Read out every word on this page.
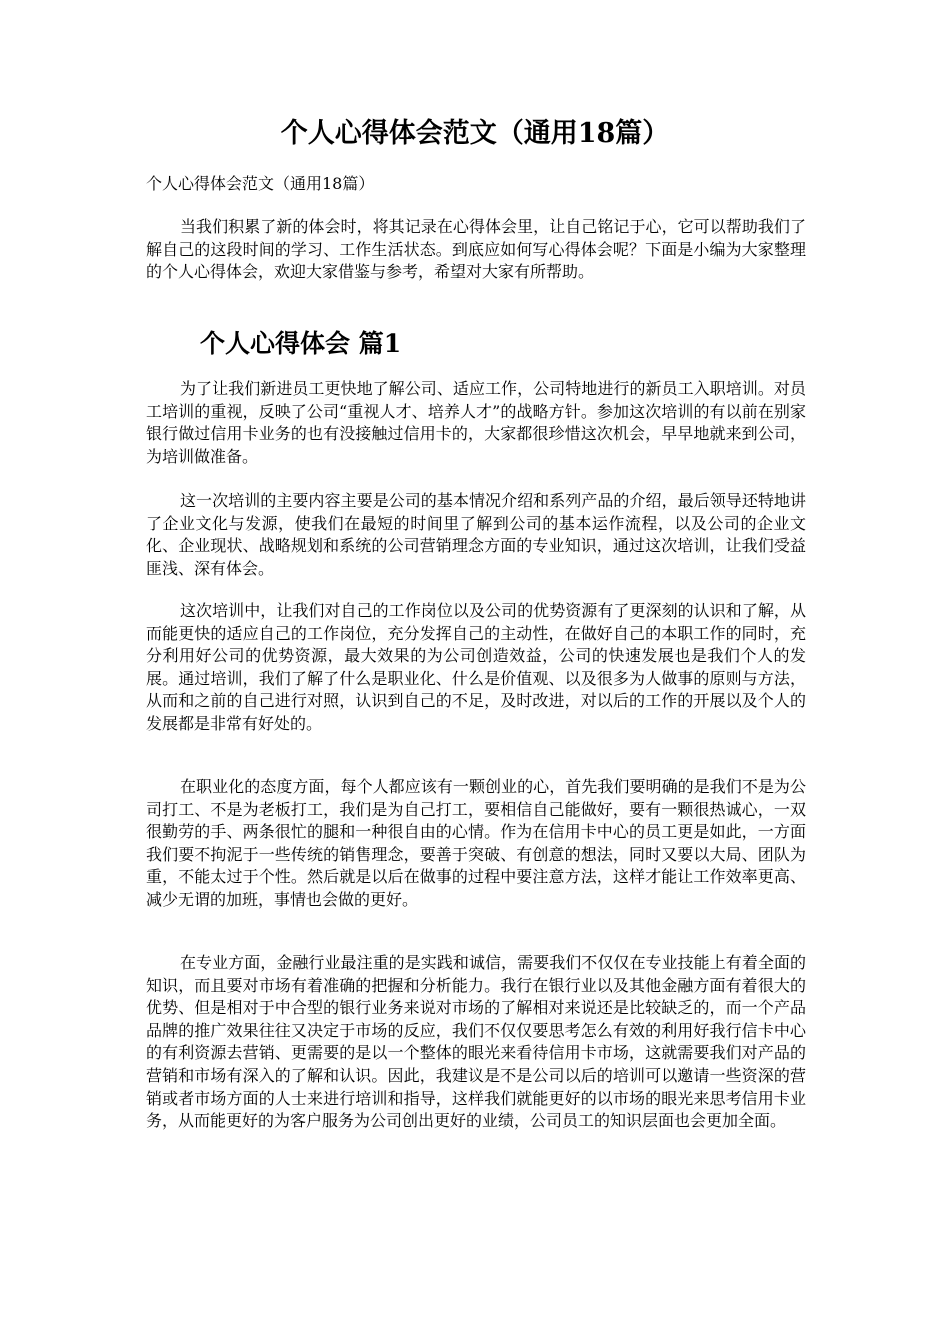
个人心得体会范文（通用18篇）

个人心得体会范文（通用18篇）

当我们积累了新的体会时，将其记录在心得体会里，让自己铭记于心，它可以帮助我们了解自己的这段时间的学习、工作生活状态。到底应如何写心得体会呢？下面是小编为大家整理的个人心得体会，欢迎大家借鉴与参考，希望对大家有所帮助。

个人心得体会 篇1

为了让我们新进员工更快地了解公司、适应工作，公司特地进行的新员工入职培训。对员工培训的重视，反映了公司“重视人才、培养人才”的战略方针。参加这次培训的有以前在别家银行做过信用卡业务的也有没接触过信用卡的，大家都很珍惜这次机会，早早地就来到公司，为培训做准备。

这一次培训的主要内容主要是公司的基本情况介绍和系列产品的介绍，最后领导还特地讲了企业文化与发源，使我们在最短的时间里了解到公司的基本运作流程，以及公司的企业文化、企业现状、战略规划和系统的公司营销理念方面的专业知识，通过这次培训，让我们受益匪浅、深有体会。

这次培训中，让我们对自己的工作岗位以及公司的优势资源有了更深刻的认识和了解，从而能更快的适应自己的工作岗位，充分发挥自己的主动性，在做好自己的本职工作的同时，充分利用好公司的优势资源，最大效果的为公司创造效益，公司的快速发展也是我们个人的发展。通过培训，我们了解了什么是职业化、什么是价值观、以及很多为人做事的原则与方法，从而和之前的自己进行对照，认识到自己的不足，及时改进，对以后的工作的开展以及个人的发展都是非常有好处的。

在职业化的态度方面，每个人都应该有一颗创业的心，首先我们要明确的是我们不是为公司打工、不是为老板打工，我们是为自己打工，要相信自己能做好，要有一颗很热诚心，一双很勤劳的手、两条很忙的腿和一种很自由的心情。作为在信用卡中心的员工更是如此，一方面我们要不拘泥于一些传统的销售理念，要善于突破、有创意的想法，同时又要以大局、团队为重，不能太过于个性。然后就是以后在做事的过程中要注意方法，这样才能让工作效率更高、减少无谓的加班，事情也会做的更好。

在专业方面，金融行业最注重的是实践和诚信，需要我们不仅仅在专业技能上有着全面的知识，而且要对市场有着准确的把握和分析能力。我行在银行业以及其他金融方面有着很大的优势、但是相对于中合型的银行业务来说对市场的了解相对来说还是比较缺乏的，而一个产品品牌的推广效果往往又决定于市场的反应，我们不仅仅要思考怎么有效的利用好我行信卡中心的有利资源去营销、更需要的是以一个整体的眼光来看待信用卡市场，这就需要我们对产品的营销和市场有深入的了解和认识。因此，我建议是不是公司以后的培训可以邀请一些资深的营销或者市场方面的人士来进行培训和指导，这样我们就能更好的以市场的眼光来思考信用卡业务，从而能更好的为客户服务为公司创出更好的业绩，公司员工的知识层面也会更加全面。
